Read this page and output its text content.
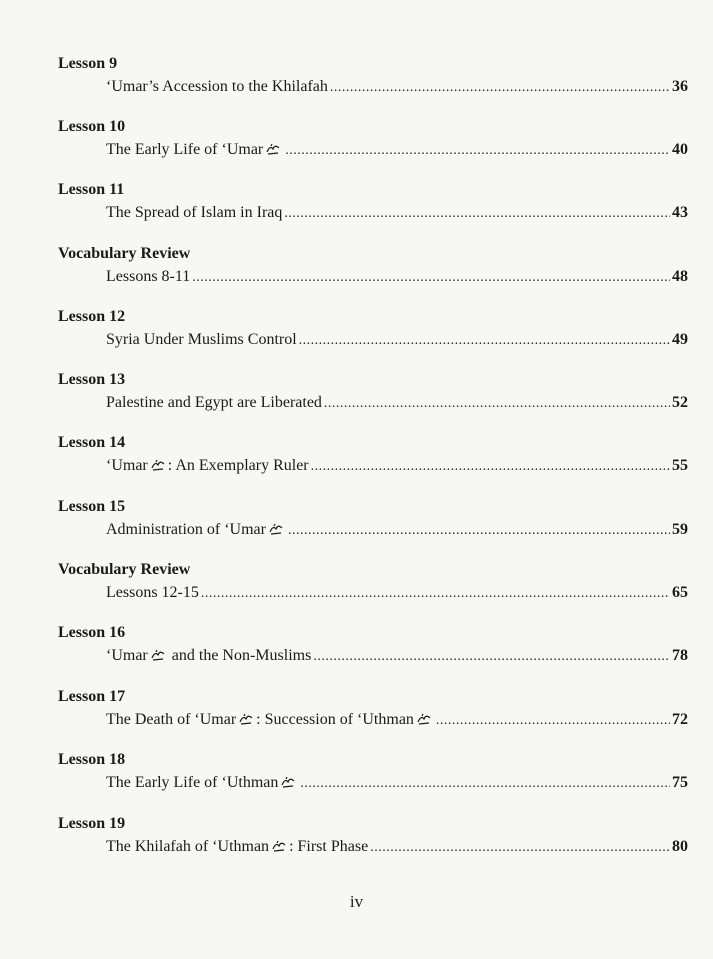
Lesson 9
‘Umar’s Accession to the Khilafah .....	36
Lesson 10
The Early Life of ‘Umar .....	40
Lesson 11
The Spread of Islam in Iraq .....	43
Vocabulary Review
Lessons 8-11 .....	48
Lesson 12
Syria Under Muslims Control .....	49
Lesson 13
Palestine and Egypt are Liberated .....	52
Lesson 14
‘Umar : An Exemplary Ruler .....	55
Lesson 15
Administration of ‘Umar .....	59
Vocabulary Review
Lessons 12-15 .....	65
Lesson 16
‘Umar and the Non-Muslims .....	78
Lesson 17
The Death of ‘Umar : Succession of ‘Uthman .....	72
Lesson 18
The Early Life of ‘Uthman .....	75
Lesson 19
The Khilafah of ‘Uthman : First Phase .....	80
iv
